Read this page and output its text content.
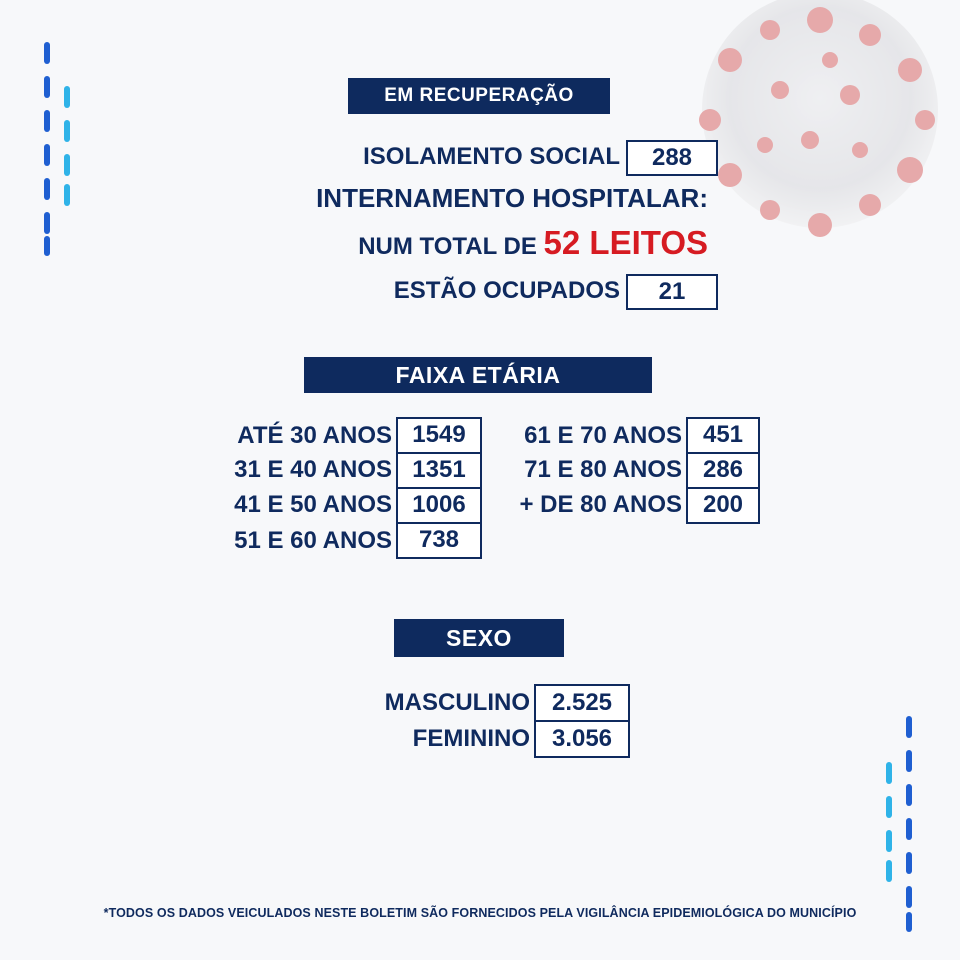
EM RECUPERAÇÃO
ISOLAMENTO SOCIAL	288
INTERNAMENTO HOSPITALAR:
NUM TOTAL DE 52 LEITOS
ESTÃO OCUPADOS	21
FAIXA ETÁRIA
ATÉ 30 ANOS 1549
31 E 40 ANOS 1351
41 E 50 ANOS 1006
51 E 60 ANOS	738
61 E 70 ANOS 451
71 E 80 ANOS 286
+ DE 80 ANOS 200
SEXO
MASCULINO 2.525
FEMININO 3.056
*TODOS OS DADOS VEICULADOS NESTE BOLETIM SÃO FORNECIDOS PELA VIGILÂNCIA EPIDEMIOLÓGICA DO MUNICÍPIO
